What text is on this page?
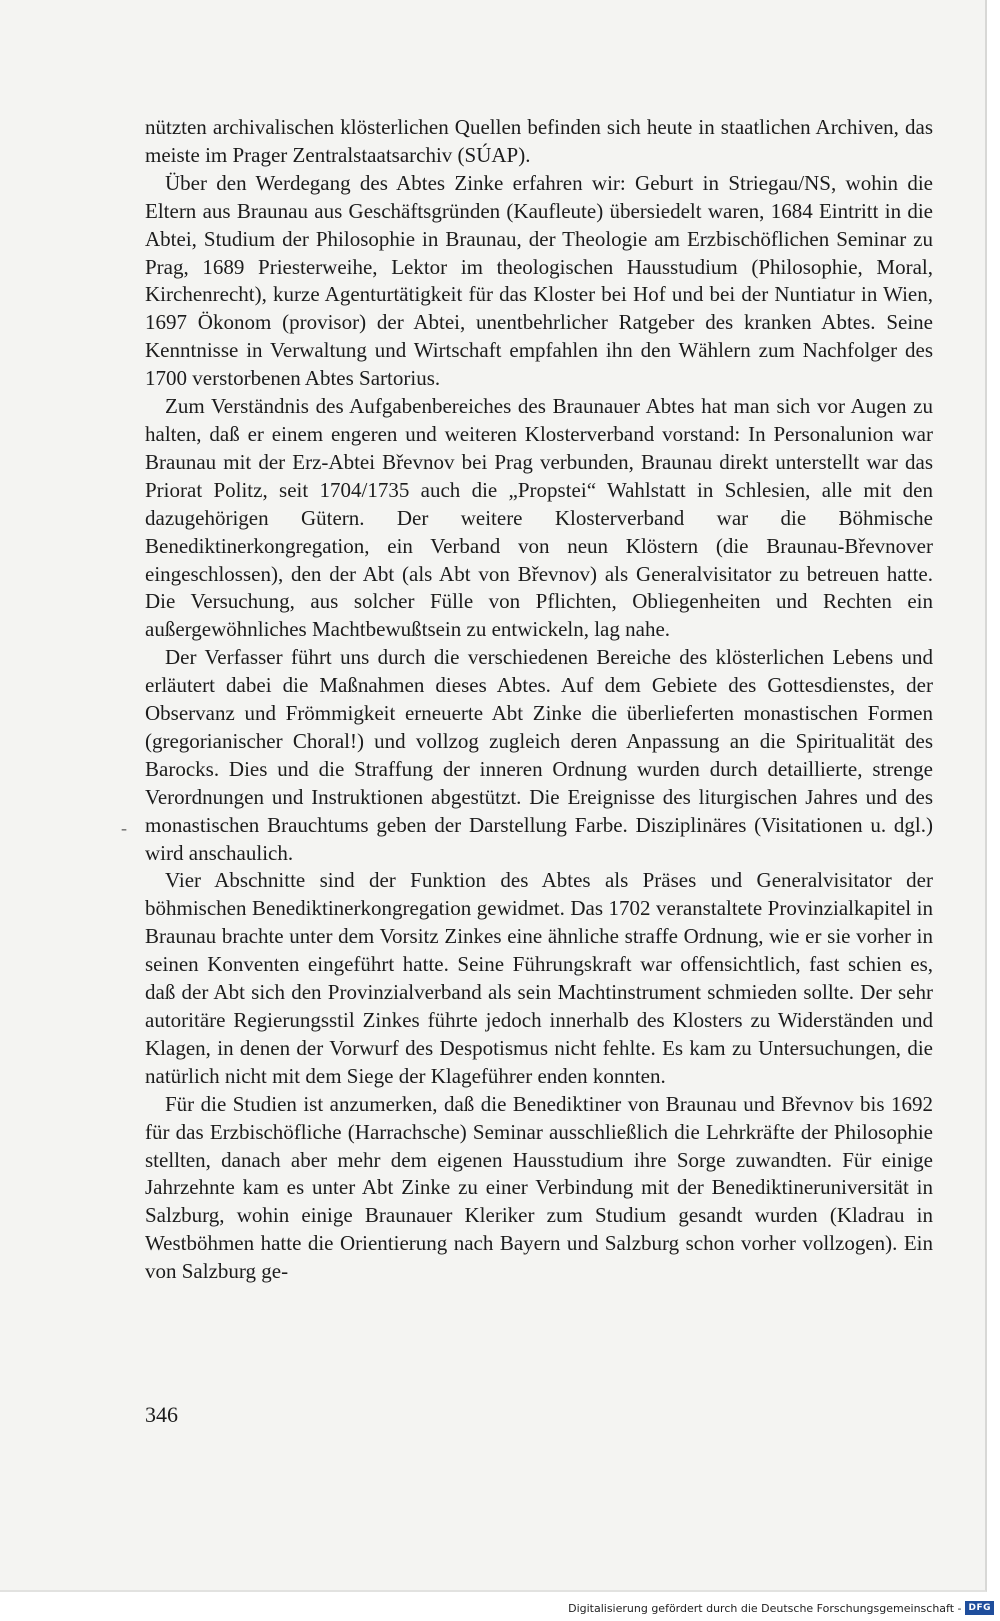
nützten archivalischen klösterlichen Quellen befinden sich heute in staatlichen Archiven, das meiste im Prager Zentralstaatsarchiv (SÚAP).

Über den Werdegang des Abtes Zinke erfahren wir: Geburt in Striegau/NS, wohin die Eltern aus Braunau aus Geschäftsgründen (Kaufleute) übersiedelt waren, 1684 Eintritt in die Abtei, Studium der Philosophie in Braunau, der Theologie am Erzbischöflichen Seminar zu Prag, 1689 Priesterweihe, Lektor im theologischen Hausstudium (Philosophie, Moral, Kirchenrecht), kurze Agenturtätigkeit für das Kloster bei Hof und bei der Nuntiatur in Wien, 1697 Ökonom (provisor) der Abtei, unentbehrlicher Ratgeber des kranken Abtes. Seine Kenntnisse in Verwaltung und Wirtschaft empfahlen ihn den Wählern zum Nachfolger des 1700 verstorbenen Abtes Sartorius.

Zum Verständnis des Aufgabenbereiches des Braunauer Abtes hat man sich vor Augen zu halten, daß er einem engeren und weiteren Klosterverband vorstand: In Personalunion war Braunau mit der Erz-Abtei Břevnov bei Prag verbunden, Braunau direkt unterstellt war das Priorat Politz, seit 1704/1735 auch die „Propstei“ Wahlstatt in Schlesien, alle mit den dazugehörigen Gütern. Der weitere Klosterverband war die Böhmische Benediktinerkongregation, ein Verband von neun Klöstern (die Braunau-Břevnover eingeschlossen), den der Abt (als Abt von Břevnov) als Generalvisitator zu betreuen hatte. Die Versuchung, aus solcher Fülle von Pflichten, Obliegenheiten und Rechten ein außergewöhnliches Machtbewußtsein zu entwickeln, lag nahe.

Der Verfasser führt uns durch die verschiedenen Bereiche des klösterlichen Lebens und erläutert dabei die Maßnahmen dieses Abtes. Auf dem Gebiete des Gottesdienstes, der Observanz und Frömmigkeit erneuerte Abt Zinke die überlieferten monastischen Formen (gregorianischer Choral!) und vollzog zugleich deren Anpassung an die Spiritualität des Barocks. Dies und die Straffung der inneren Ordnung wurden durch detaillierte, strenge Verordnungen und Instruktionen abgestützt. Die Ereignisse des liturgischen Jahres und des monastischen Brauchtums geben der Darstellung Farbe. Disziplinäres (Visitationen u. dgl.) wird anschaulich.

Vier Abschnitte sind der Funktion des Abtes als Präses und Generalvisitator der böhmischen Benediktinerkongregation gewidmet. Das 1702 veranstaltete Provinzialkapitel in Braunau brachte unter dem Vorsitz Zinkes eine ähnliche straffe Ordnung, wie er sie vorher in seinen Konventen eingeführt hatte. Seine Führungskraft war offensichtlich, fast schien es, daß der Abt sich den Provinzialverband als sein Machtinstrument schmieden sollte. Der sehr autoritäre Regierungsstil Zinkes führte jedoch innerhalb des Klosters zu Widerständen und Klagen, in denen der Vorwurf des Despotismus nicht fehlte. Es kam zu Untersuchungen, die natürlich nicht mit dem Siege der Klageführer enden konnten.

Für die Studien ist anzumerken, daß die Benediktiner von Braunau und Břevnov bis 1692 für das Erzbischöfliche (Harrachsche) Seminar ausschließlich die Lehrkräfte der Philosophie stellten, danach aber mehr dem eigenen Hausstudium ihre Sorge zuwandten. Für einige Jahrzehnte kam es unter Abt Zinke zu einer Verbindung mit der Benediktineruniversität in Salzburg, wohin einige Braunauer Kleriker zum Studium gesandt wurden (Kladrau in Westböhmen hatte die Orientierung nach Bayern und Salzburg schon vorher vollzogen). Ein von Salzburg ge-

-
346
Digitalisierung gefördert durch die Deutsche Forschungsgemeinschaft - DFG
